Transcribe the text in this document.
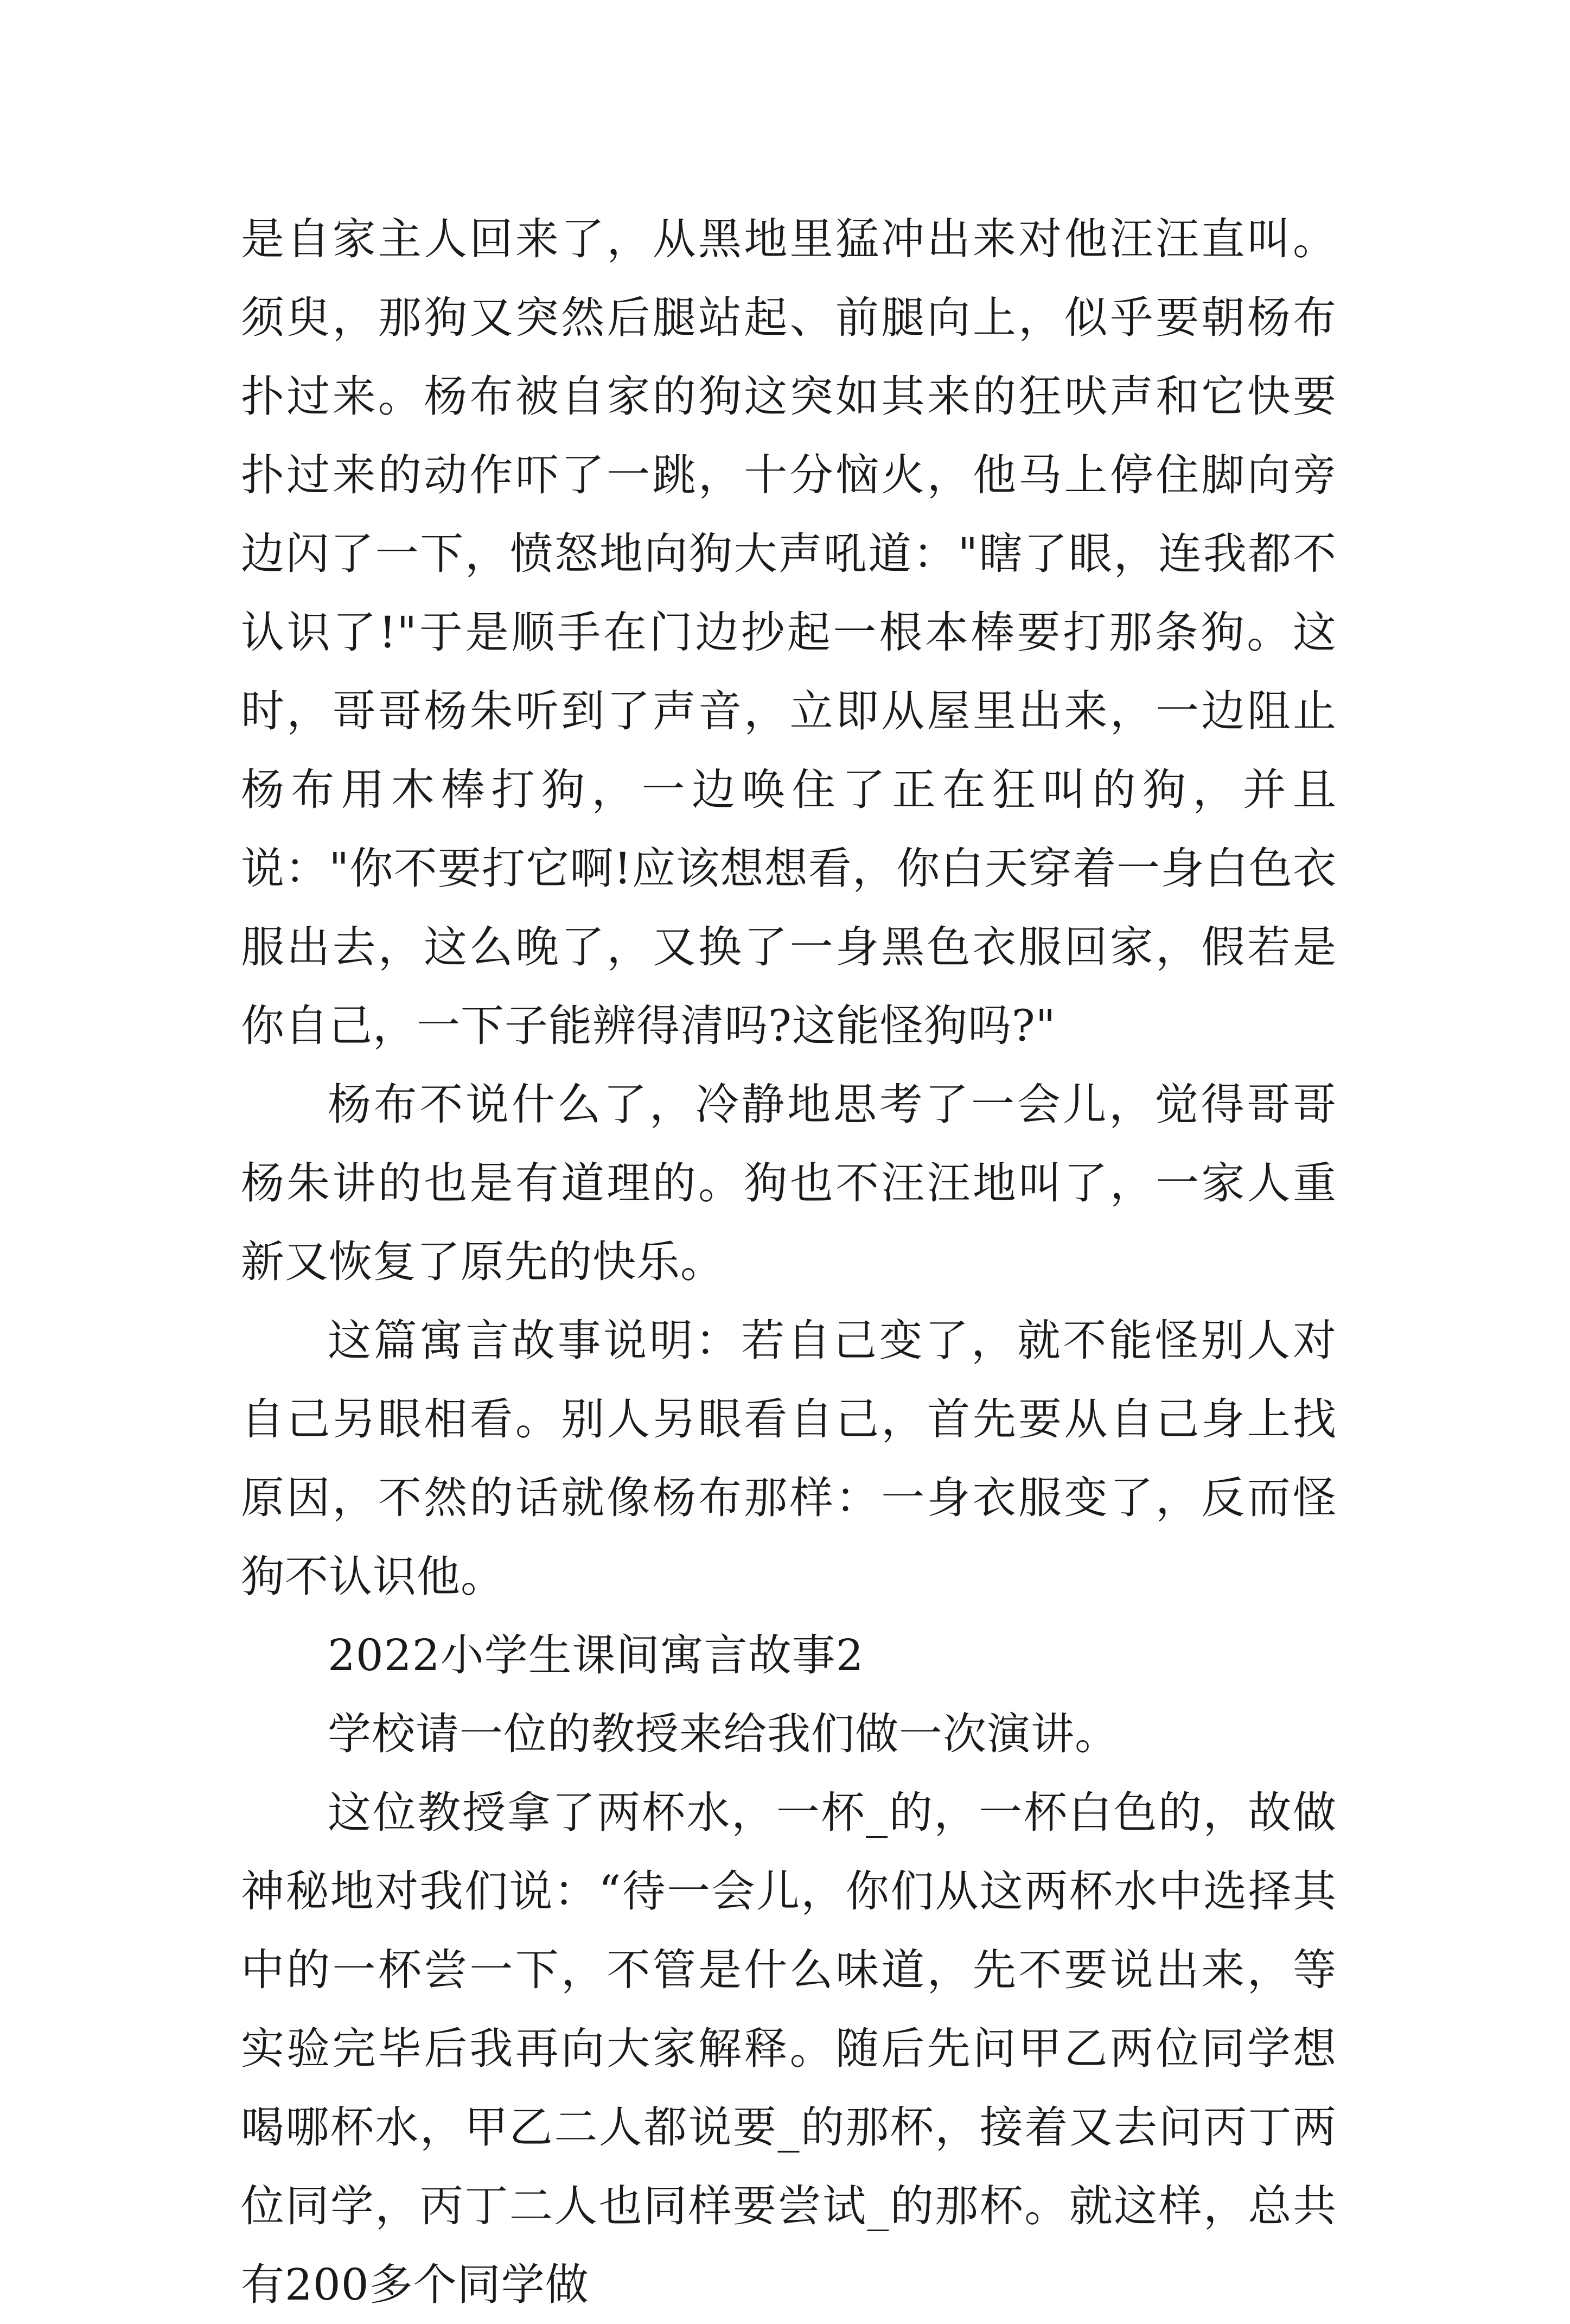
是自家主人回来了，从黑地里猛冲出来对他汪汪直叫。须臾，那狗又突然后腿站起、前腿向上，似乎要朝杨布扑过来。杨布被自家的狗这突如其来的狂吠声和它快要扑过来的动作吓了一跳，十分恼火，他马上停住脚向旁边闪了一下，愤怒地向狗大声吼道："瞎了眼，连我都不认识了!"于是顺手在门边抄起一根本棒要打那条狗。这时，哥哥杨朱听到了声音，立即从屋里出来，一边阻止杨布用木棒打狗，一边唤住了正在狂叫的狗，并且说："你不要打它啊!应该想想看，你白天穿着一身白色衣服出去，这么晚了，又换了一身黑色衣服回家，假若是你自己，一下子能辨得清吗?这能怪狗吗?"

杨布不说什么了，冷静地思考了一会儿，觉得哥哥杨朱讲的也是有道理的。狗也不汪汪地叫了，一家人重新又恢复了原先的快乐。

这篇寓言故事说明：若自己变了，就不能怪别人对自己另眼相看。别人另眼看自己，首先要从自己身上找原因，不然的话就像杨布那样：一身衣服变了，反而怪狗不认识他。

2022小学生课间寓言故事2

学校请一位的教授来给我们做一次演讲。

这位教授拿了两杯水，一杯_的，一杯白色的，故做神秘地对我们说：“待一会儿，你们从这两杯水中选择其中的一杯尝一下，不管是什么味道，先不要说出来，等实验完毕后我再向大家解释。随后先问甲乙两位同学想喝哪杯水，甲乙二人都说要_的那杯，接着又去问丙丁两位同学，丙丁二人也同样要尝试_的那杯。就这样，总共有200多个同学做
